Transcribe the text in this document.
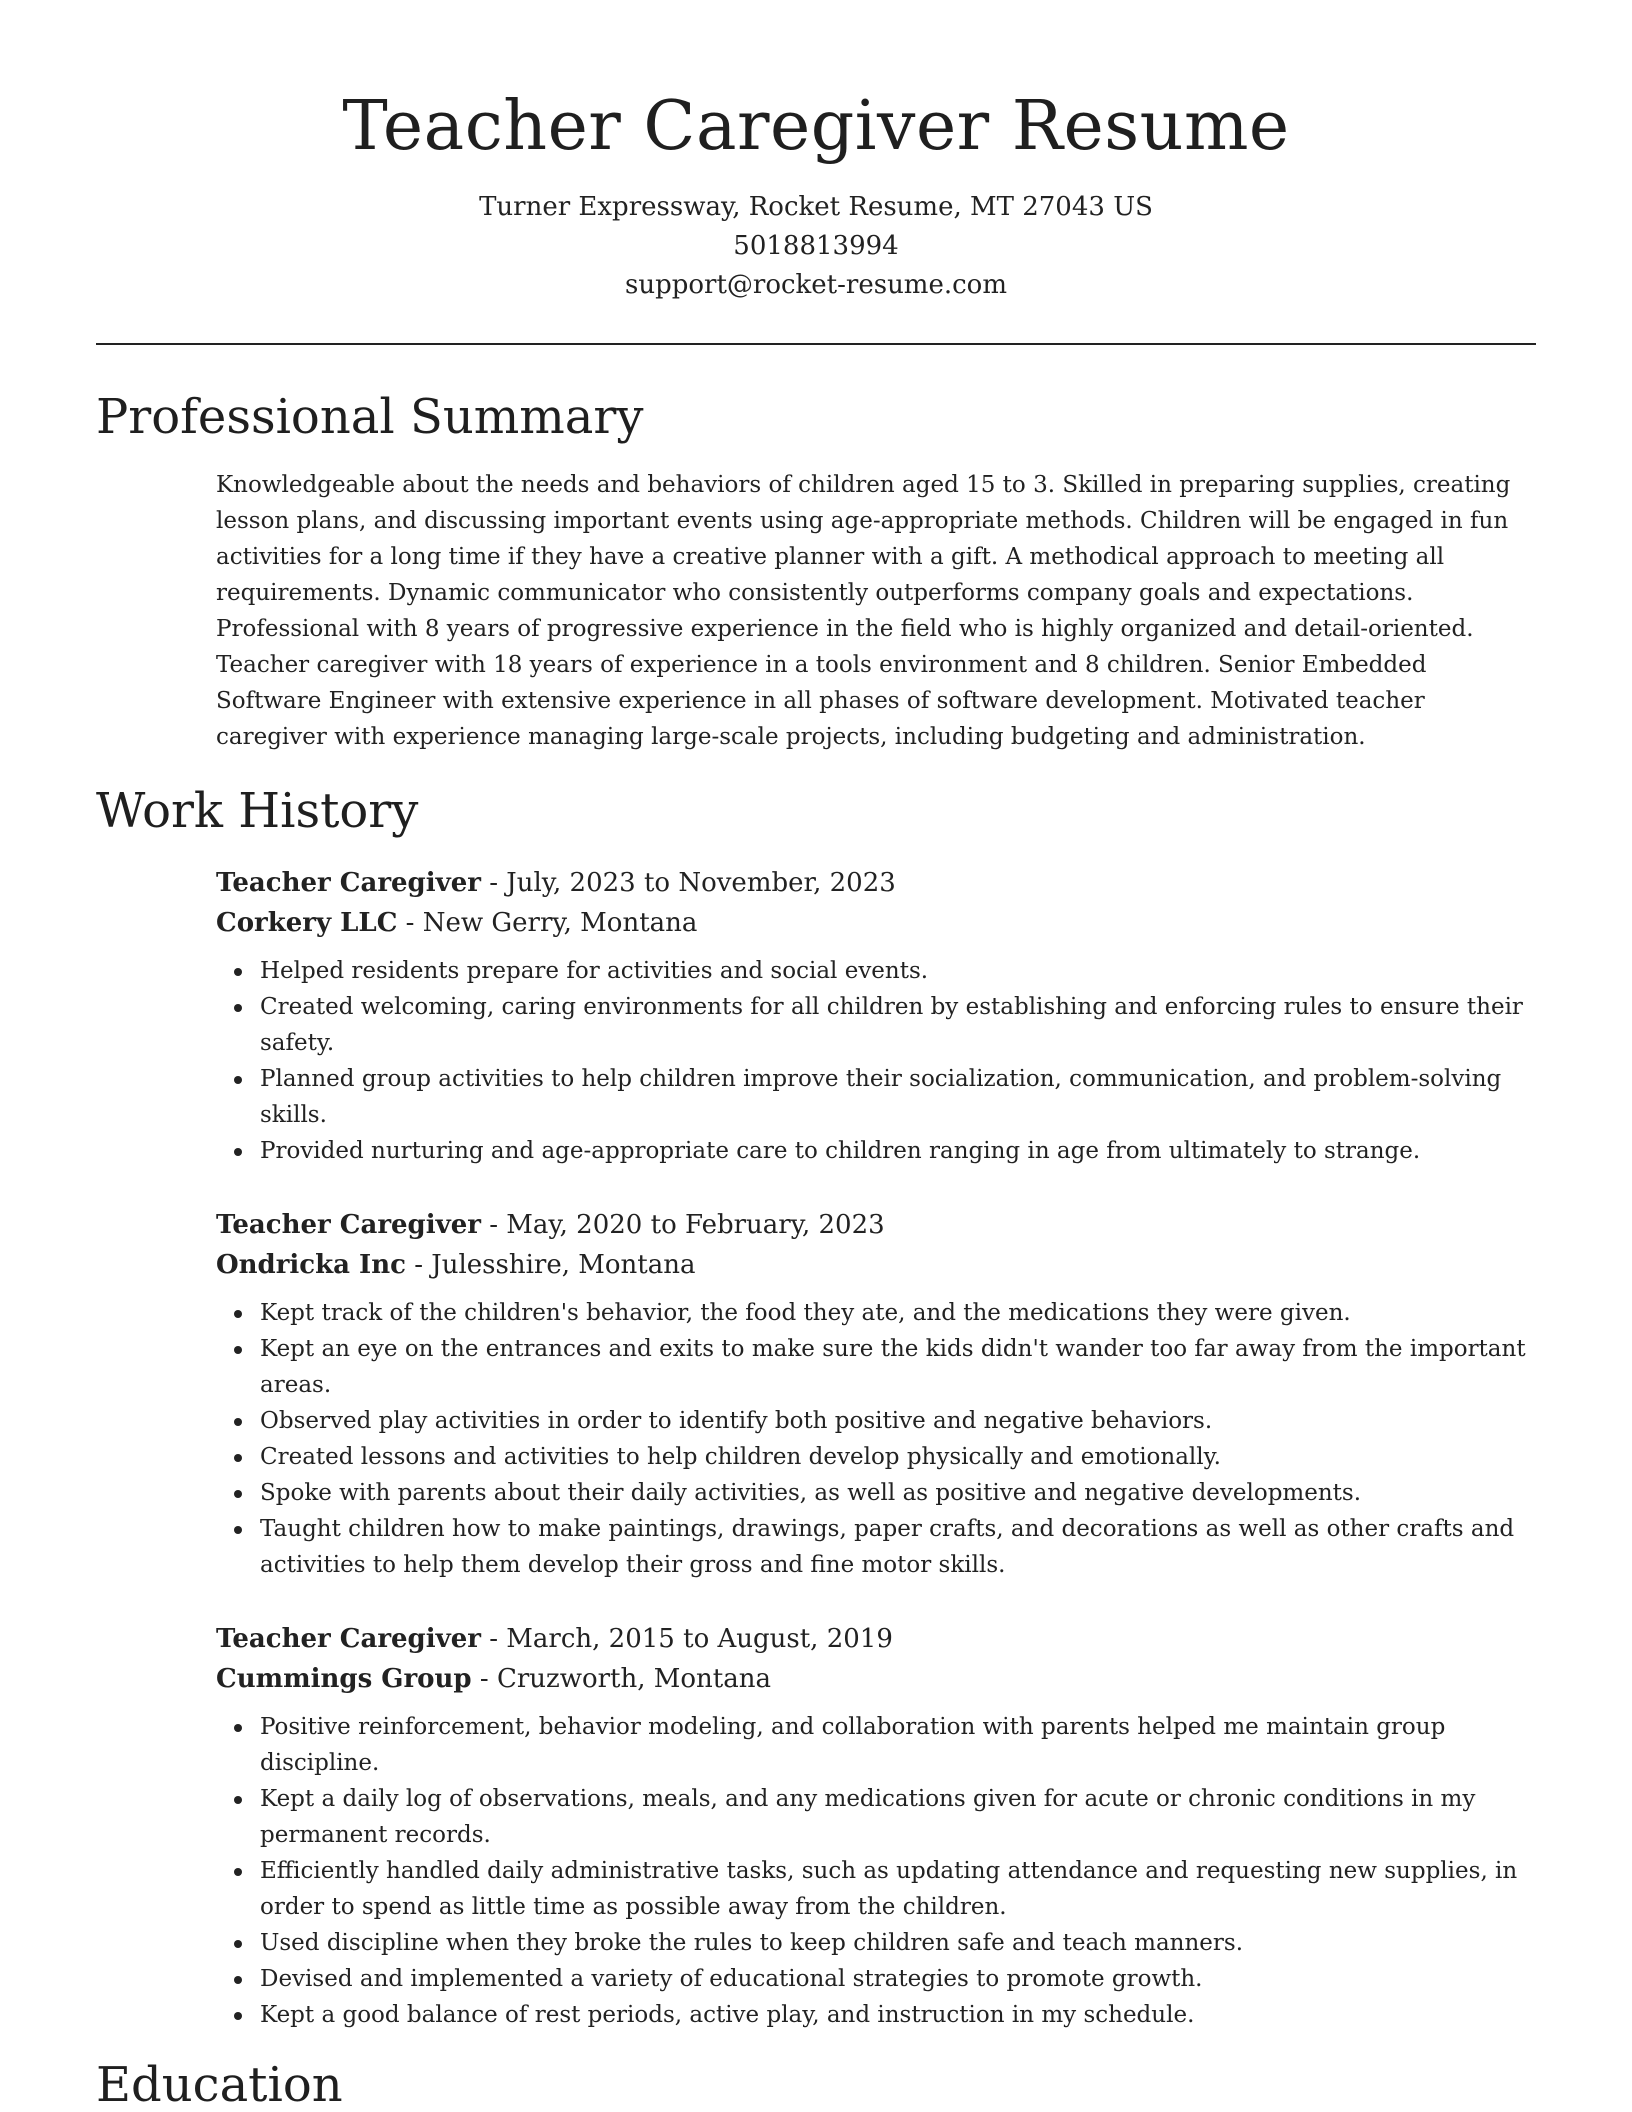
Teacher Caregiver Resume
Turner Expressway, Rocket Resume, MT 27043 US
5018813994
support@rocket-resume.com
Professional Summary

Knowledgeable about the needs and behaviors of children aged 15 to 3. Skilled in preparing supplies, creating lesson plans, and discussing important events using age-appropriate methods. Children will be engaged in fun activities for a long time if they have a creative planner with a gift. A methodical approach to meeting all requirements. Dynamic communicator who consistently outperforms company goals and expectations. Professional with 8 years of progressive experience in the field who is highly organized and detail-oriented. Teacher caregiver with 18 years of experience in a tools environment and 8 children. Senior Embedded Software Engineer with extensive experience in all phases of software development. Motivated teacher caregiver with experience managing large-scale projects, including budgeting and administration.

Work History
Teacher Caregiver - July, 2023 to November, 2023
Corkery LLC - New Gerry, Montana
Helped residents prepare for activities and social events.
Created welcoming, caring environments for all children by establishing and enforcing rules to ensure their safety.
Planned group activities to help children improve their socialization, communication, and problem-solving skills.
Provided nurturing and age-appropriate care to children ranging in age from ultimately to strange.
Teacher Caregiver - May, 2020 to February, 2023
Ondricka Inc - Julesshire, Montana
Kept track of the children's behavior, the food they ate, and the medications they were given.
Kept an eye on the entrances and exits to make sure the kids didn't wander too far away from the important areas.
Observed play activities in order to identify both positive and negative behaviors.
Created lessons and activities to help children develop physically and emotionally.
Spoke with parents about their daily activities, as well as positive and negative developments.
Taught children how to make paintings, drawings, paper crafts, and decorations as well as other crafts and activities to help them develop their gross and fine motor skills.
Teacher Caregiver - March, 2015 to August, 2019
Cummings Group - Cruzworth, Montana
Positive reinforcement, behavior modeling, and collaboration with parents helped me maintain group discipline.
Kept a daily log of observations, meals, and any medications given for acute or chronic conditions in my permanent records.
Efficiently handled daily administrative tasks, such as updating attendance and requesting new supplies, in order to spend as little time as possible away from the children.
Used discipline when they broke the rules to keep children safe and teach manners.
Devised and implemented a variety of educational strategies to promote growth.
Kept a good balance of rest periods, active play, and instruction in my schedule.
Education
